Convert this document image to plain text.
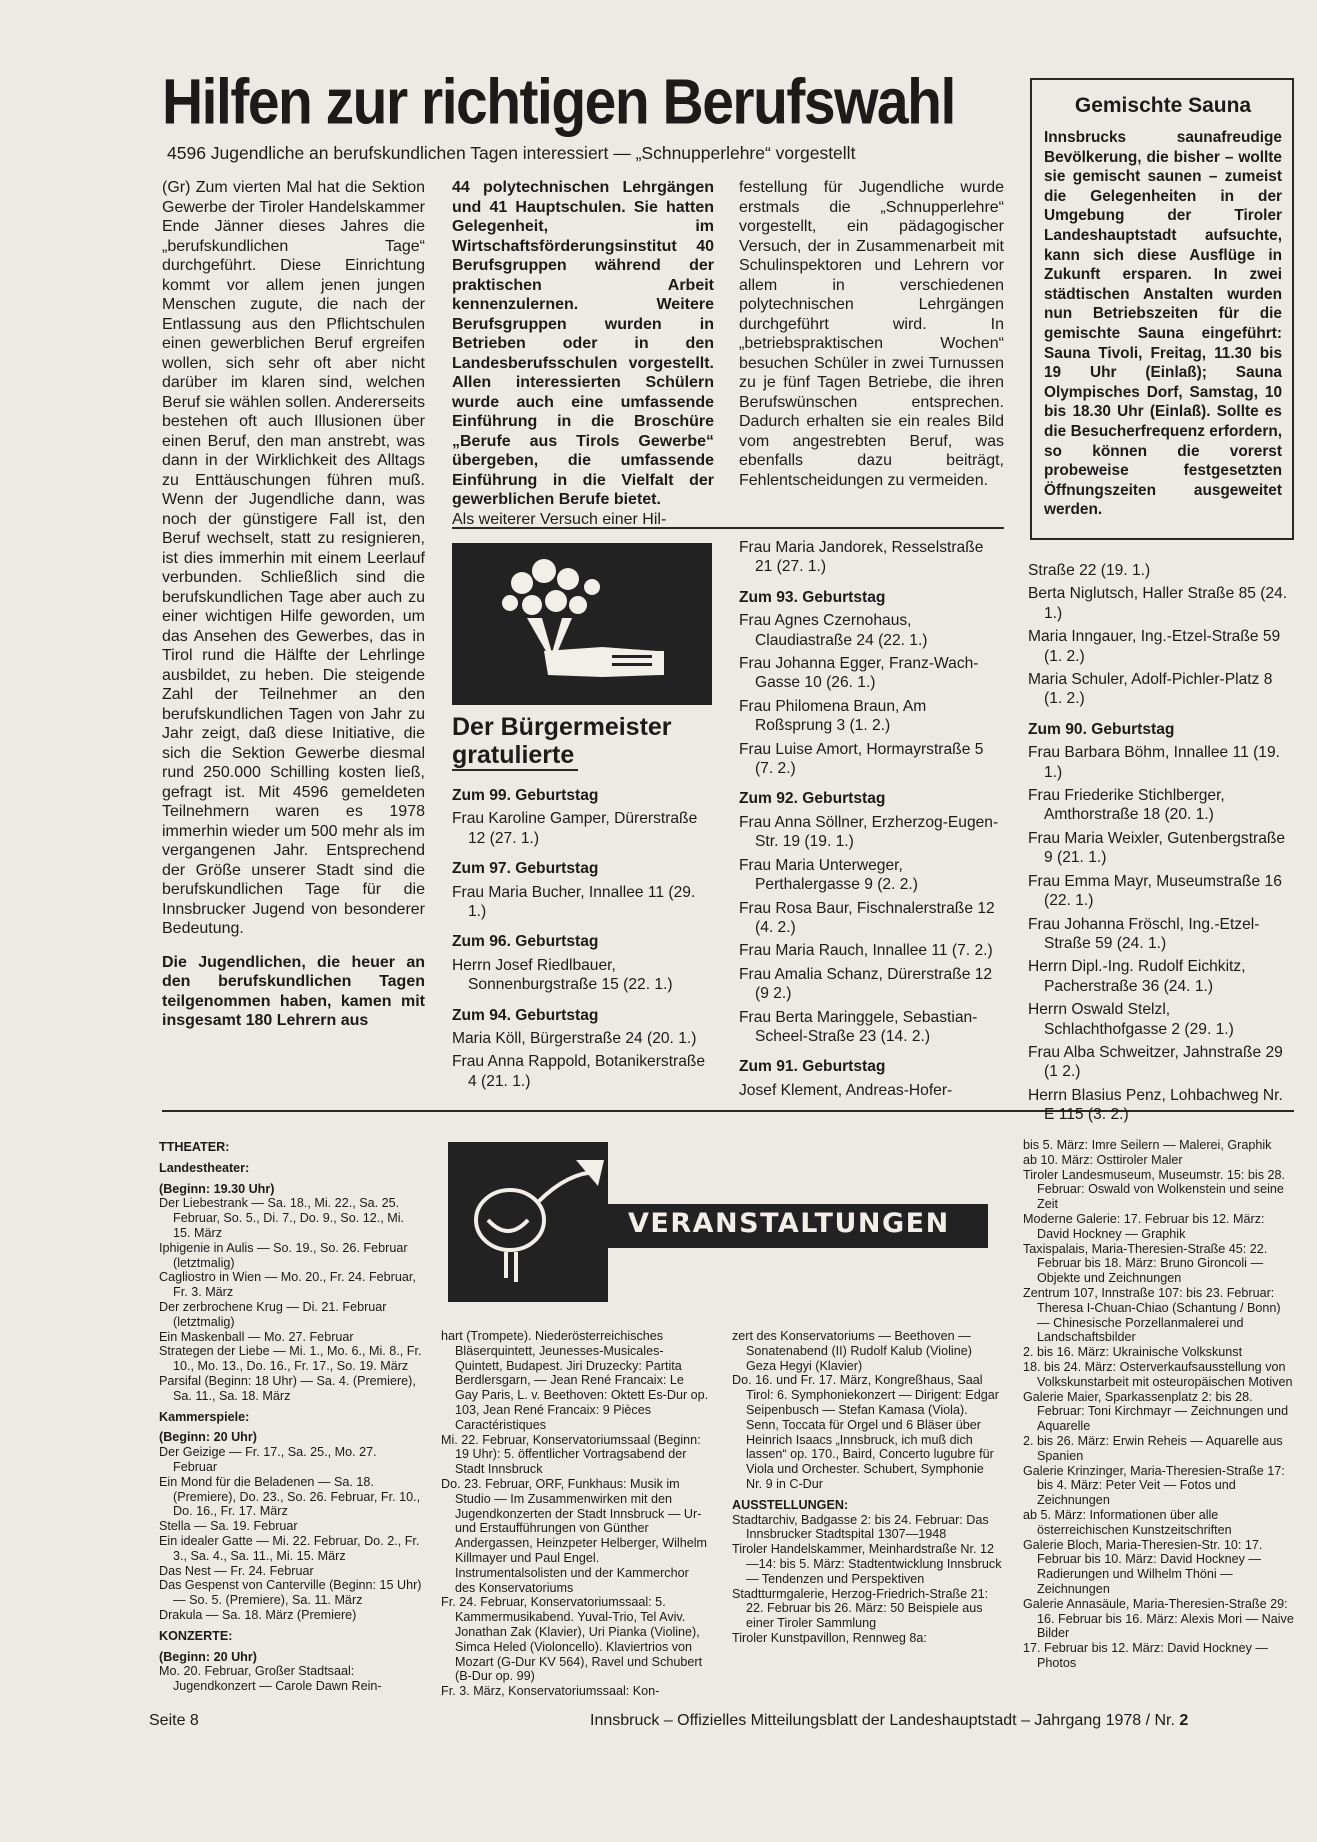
Hilfen zur richtigen Berufswahl
4596 Jugendliche an berufskundlichen Tagen interessiert — „Schnupperlehre“ vorgestellt

(Gr) Zum vierten Mal hat die Sektion Gewerbe der Tiroler Handelskammer Ende Jänner dieses Jahres die „berufskundlichen Tage“ durchgeführt. Diese Einrichtung kommt vor allem jenen jungen Menschen zugute, die nach der Entlassung aus den Pflichtschulen einen gewerblichen Beruf ergreifen wollen, sich sehr oft aber nicht darüber im klaren sind, welchen Beruf sie wählen sollen. Andererseits bestehen oft auch Illusionen über einen Beruf, den man anstrebt, was dann in der Wirklichkeit des Alltags zu Enttäuschungen führen muß. Wenn der Jugendliche dann, was noch der günstigere Fall ist, den Beruf wechselt, statt zu resignieren, ist dies immerhin mit einem Leerlauf verbunden. Schließlich sind die berufskundlichen Tage aber auch zu einer wichtigen Hilfe geworden, um das Ansehen des Gewerbes, das in Tirol rund die Hälfte der Lehrlinge ausbildet, zu heben. Die steigende Zahl der Teilnehmer an den berufskundlichen Tagen von Jahr zu Jahr zeigt, daß diese Initiative, die sich die Sektion Gewerbe diesmal rund 250.000 Schilling kosten ließ, gefragt ist. Mit 4596 gemeldeten Teilnehmern waren es 1978 immerhin wieder um 500 mehr als im vergangenen Jahr. Entsprechend der Größe unserer Stadt sind die berufskundlichen Tage für die Innsbrucker Jugend von besonderer Bedeutung.

Die Jugendlichen, die heuer an den berufskundlichen Tagen teilgenommen haben, kamen mit insgesamt 180 Lehrern aus

44 polytechnischen Lehrgängen und 41 Hauptschulen. Sie hatten Gelegenheit, im Wirtschaftsförderungsinstitut 40 Berufsgruppen während der praktischen Arbeit kennenzulernen. Weitere Berufsgruppen wurden in Betrieben oder in den Landesberufsschulen vorgestellt. Allen interessierten Schülern wurde auch eine umfassende Einführung in die Broschüre „Berufe aus Tirols Gewerbe“ übergeben, die umfassende Einführung in die Vielfalt der gewerblichen Berufe bietet.

Als weiterer Versuch einer Hil-

festellung für Jugendliche wurde erstmals die „Schnupperlehre“ vorgestellt, ein pädagogischer Versuch, der in Zusammenarbeit mit Schulinspektoren und Lehrern vor allem in verschiedenen polytechnischen Lehrgängen durchgeführt wird. In „betriebspraktischen Wochen“ besuchen Schüler in zwei Turnussen zu je fünf Tagen Betriebe, die ihren Berufswünschen entsprechen. Dadurch erhalten sie ein reales Bild vom angestrebten Beruf, was ebenfalls dazu beiträgt, Fehlentscheidungen zu vermeiden.

Gemischte Sauna
Innsbrucks saunafreudige Bevölkerung, die bisher – wollte sie gemischt saunen – zumeist die Gelegenheiten in der Umgebung der Tiroler Landeshauptstadt aufsuchte, kann sich diese Ausflüge in Zukunft ersparen. In zwei städtischen Anstalten wurden nun Betriebszeiten für die gemischte Sauna eingeführt: Sauna Tivoli, Freitag, 11.30 bis 19 Uhr (Einlaß); Sauna Olympisches Dorf, Samstag, 10 bis 18.30 Uhr (Einlaß). Sollte es die Besucherfrequenz erfordern, so können die vorerst probeweise festgesetzten Öffnungszeiten ausgeweitet werden.
Der Bürgermeister
gratulierte
Zum 99. Geburtstag
Frau Karoline Gamper, Dürerstraße 12 (27. 1.)
Zum 97. Geburtstag
Frau Maria Bucher, Innallee 11 (29. 1.)
Zum 96. Geburtstag
Herrn Josef Riedlbauer, Sonnenburgstraße 15 (22. 1.)
Zum 94. Geburtstag
Maria Köll, Bürgerstraße 24 (20. 1.)
Frau Anna Rappold, Botanikerstraße 4 (21. 1.)
Frau Maria Jandorek, Resselstraße 21 (27. 1.)
Zum 93. Geburtstag
Frau Agnes Czernohaus, Claudiastraße 24 (22. 1.)
Frau Johanna Egger, Franz-Wach-Gasse 10 (26. 1.)
Frau Philomena Braun, Am Roßsprung 3 (1. 2.)
Frau Luise Amort, Hormayrstraße 5 (7. 2.)
Zum 92. Geburtstag
Frau Anna Söllner, Erzherzog-Eugen-Str. 19 (19. 1.)
Frau Maria Unterweger, Perthalergasse 9 (2. 2.)
Frau Rosa Baur, Fischnalerstraße 12 (4. 2.)
Frau Maria Rauch, Innallee 11 (7. 2.)
Frau Amalia Schanz, Dürerstraße 12 (9 2.)
Frau Berta Maringgele, Sebastian-Scheel-Straße 23 (14. 2.)
Zum 91. Geburtstag
Josef Klement, Andreas-Hofer-
Straße 22 (19. 1.)
Berta Niglutsch, Haller Straße 85 (24. 1.)
Maria Inngauer, Ing.-Etzel-Straße 59 (1. 2.)
Maria Schuler, Adolf-Pichler-Platz 8 (1. 2.)
Zum 90. Geburtstag
Frau Barbara Böhm, Innallee 11 (19. 1.)
Frau Friederike Stichlberger, Amthorstraße 18 (20. 1.)
Frau Maria Weixler, Gutenbergstraße 9 (21. 1.)
Frau Emma Mayr, Museumstraße 16 (22. 1.)
Frau Johanna Fröschl, Ing.-Etzel-Straße 59 (24. 1.)
Herrn Dipl.-Ing. Rudolf Eichkitz, Pacherstraße 36 (24. 1.)
Herrn Oswald Stelzl, Schlachthofgasse 2 (29. 1.)
Frau Alba Schweitzer, Jahnstraße 29 (1 2.)
Herrn Blasius Penz, Lohbachweg Nr. E 115 (3. 2.)
VERANSTALTUNGEN
TTHEATER:
Landestheater:
(Beginn: 19.30 Uhr)
Der Liebestrank — Sa. 18., Mi. 22., Sa. 25. Februar, So. 5., Di. 7., Do. 9., So. 12., Mi. 15. März
Iphigenie in Aulis — So. 19., So. 26. Februar (letztmalig)
Cagliostro in Wien — Mo. 20., Fr. 24. Februar, Fr. 3. März
Der zerbrochene Krug — Di. 21. Februar (letztmalig)
Ein Maskenball — Mo. 27. Februar
Strategen der Liebe — Mi. 1., Mo. 6., Mi. 8., Fr. 10., Mo. 13., Do. 16., Fr. 17., So. 19. März
Parsifal (Beginn: 18 Uhr) — Sa. 4. (Premiere), Sa. 11., Sa. 18. März
Kammerspiele:
(Beginn: 20 Uhr)
Der Geizige — Fr. 17., Sa. 25., Mo. 27. Februar
Ein Mond für die Beladenen — Sa. 18. (Premiere), Do. 23., So. 26. Februar, Fr. 10., Do. 16., Fr. 17. März
Stella — Sa. 19. Februar
Ein idealer Gatte — Mi. 22. Februar, Do. 2., Fr. 3., Sa. 4., Sa. 11., Mi. 15. März
Das Nest — Fr. 24. Februar
Das Gespenst von Canterville (Beginn: 15 Uhr) — So. 5. (Premiere), Sa. 11. März
Drakula — Sa. 18. März (Premiere)
KONZERTE:
(Beginn: 20 Uhr)
Mo. 20. Februar, Großer Stadtsaal: Jugendkonzert — Carole Dawn Rein-
hart (Trompete). Niederösterreichisches Bläserquintett, Jeunesses-Musicales-Quintett, Budapest. Jiri Druzecky: Partita Berdlersgarn, — Jean René Francaix: Le Gay Paris, L. v. Beethoven: Oktett Es-Dur op. 103, Jean René Francaix: 9 Pièces Caractéristiques
Mi. 22. Februar, Konservatoriumssaal (Beginn: 19 Uhr): 5. öffentlicher Vortragsabend der Stadt Innsbruck
Do. 23. Februar, ORF, Funkhaus: Musik im Studio — Im Zusammenwirken mit den Jugendkonzerten der Stadt Innsbruck — Ur- und Erstaufführungen von Günther Andergassen, Heinzpeter Helberger, Wilhelm Killmayer und Paul Engel. Instrumentalsolisten und der Kammerchor des Konservatoriums
Fr. 24. Februar, Konservatoriumssaal: 5. Kammermusikabend. Yuval-Trio, Tel Aviv. Jonathan Zak (Klavier), Uri Pianka (Violine), Simca Heled (Violoncello). Klaviertrios von Mozart (G-Dur KV 564), Ravel und Schubert (B-Dur op. 99)
Fr. 3. März, Konservatoriumssaal: Kon-
zert des Konservatoriums — Beethoven — Sonatenabend (II) Rudolf Kalub (Violine) Geza Hegyi (Klavier)
Do. 16. und Fr. 17. März, Kongreßhaus, Saal Tirol: 6. Symphoniekonzert — Dirigent: Edgar Seipenbusch — Stefan Kamasa (Viola). Senn, Toccata für Orgel und 6 Bläser über Heinrich Isaacs „Innsbruck, ich muß dich lassen“ op. 170., Baird, Concerto lugubre für Viola und Orchester. Schubert, Symphonie Nr. 9 in C-Dur
AUSSTELLUNGEN:
Stadtarchiv, Badgasse 2: bis 24. Februar: Das Innsbrucker Stadtspital 1307—1948
Tiroler Handelskammer, Meinhardstraße Nr. 12—14: bis 5. März: Stadtentwicklung Innsbruck — Tendenzen und Perspektiven
Stadtturmgalerie, Herzog-Friedrich-Straße 21: 22. Februar bis 26. März: 50 Beispiele aus einer Tiroler Sammlung
Tiroler Kunstpavillon, Rennweg 8a:
bis 5. März: Imre Seilern — Malerei, Graphik
ab 10. März: Osttiroler Maler
Tiroler Landesmuseum, Museumstr. 15: bis 28. Februar: Oswald von Wolkenstein und seine Zeit
Moderne Galerie: 17. Februar bis 12. März: David Hockney — Graphik
Taxispalais, Maria-Theresien-Straße 45: 22. Februar bis 18. März: Bruno Gironcoli — Objekte und Zeichnungen
Zentrum 107, Innstraße 107: bis 23. Februar: Theresa I-Chuan-Chiao (Schantung / Bonn) — Chinesische Porzellanmalerei und Landschaftsbilder
2. bis 16. März: Ukrainische Volkskunst
18. bis 24. März: Osterverkaufsausstellung von Volkskunstarbeit mit osteuropäischen Motiven
Galerie Maier, Sparkassenplatz 2: bis 28. Februar: Toni Kirchmayr — Zeichnungen und Aquarelle
2. bis 26. März: Erwin Reheis — Aquarelle aus Spanien
Galerie Krinzinger, Maria-Theresien-Straße 17: bis 4. März: Peter Veit — Fotos und Zeichnungen
ab 5. März: Informationen über alle österreichischen Kunstzeitschriften
Galerie Bloch, Maria-Theresien-Str. 10: 17. Februar bis 10. März: David Hockney — Radierungen und Wilhelm Thöni — Zeichnungen
Galerie Annasäule, Maria-Theresien-Straße 29: 16. Februar bis 16. März: Alexis Mori — Naive Bilder
17. Februar bis 12. März: David Hockney — Photos
Seite 8	Innsbruck – Offizielles Mitteilungsblatt der Landeshauptstadt – Jahrgang 1978 / Nr. 2
